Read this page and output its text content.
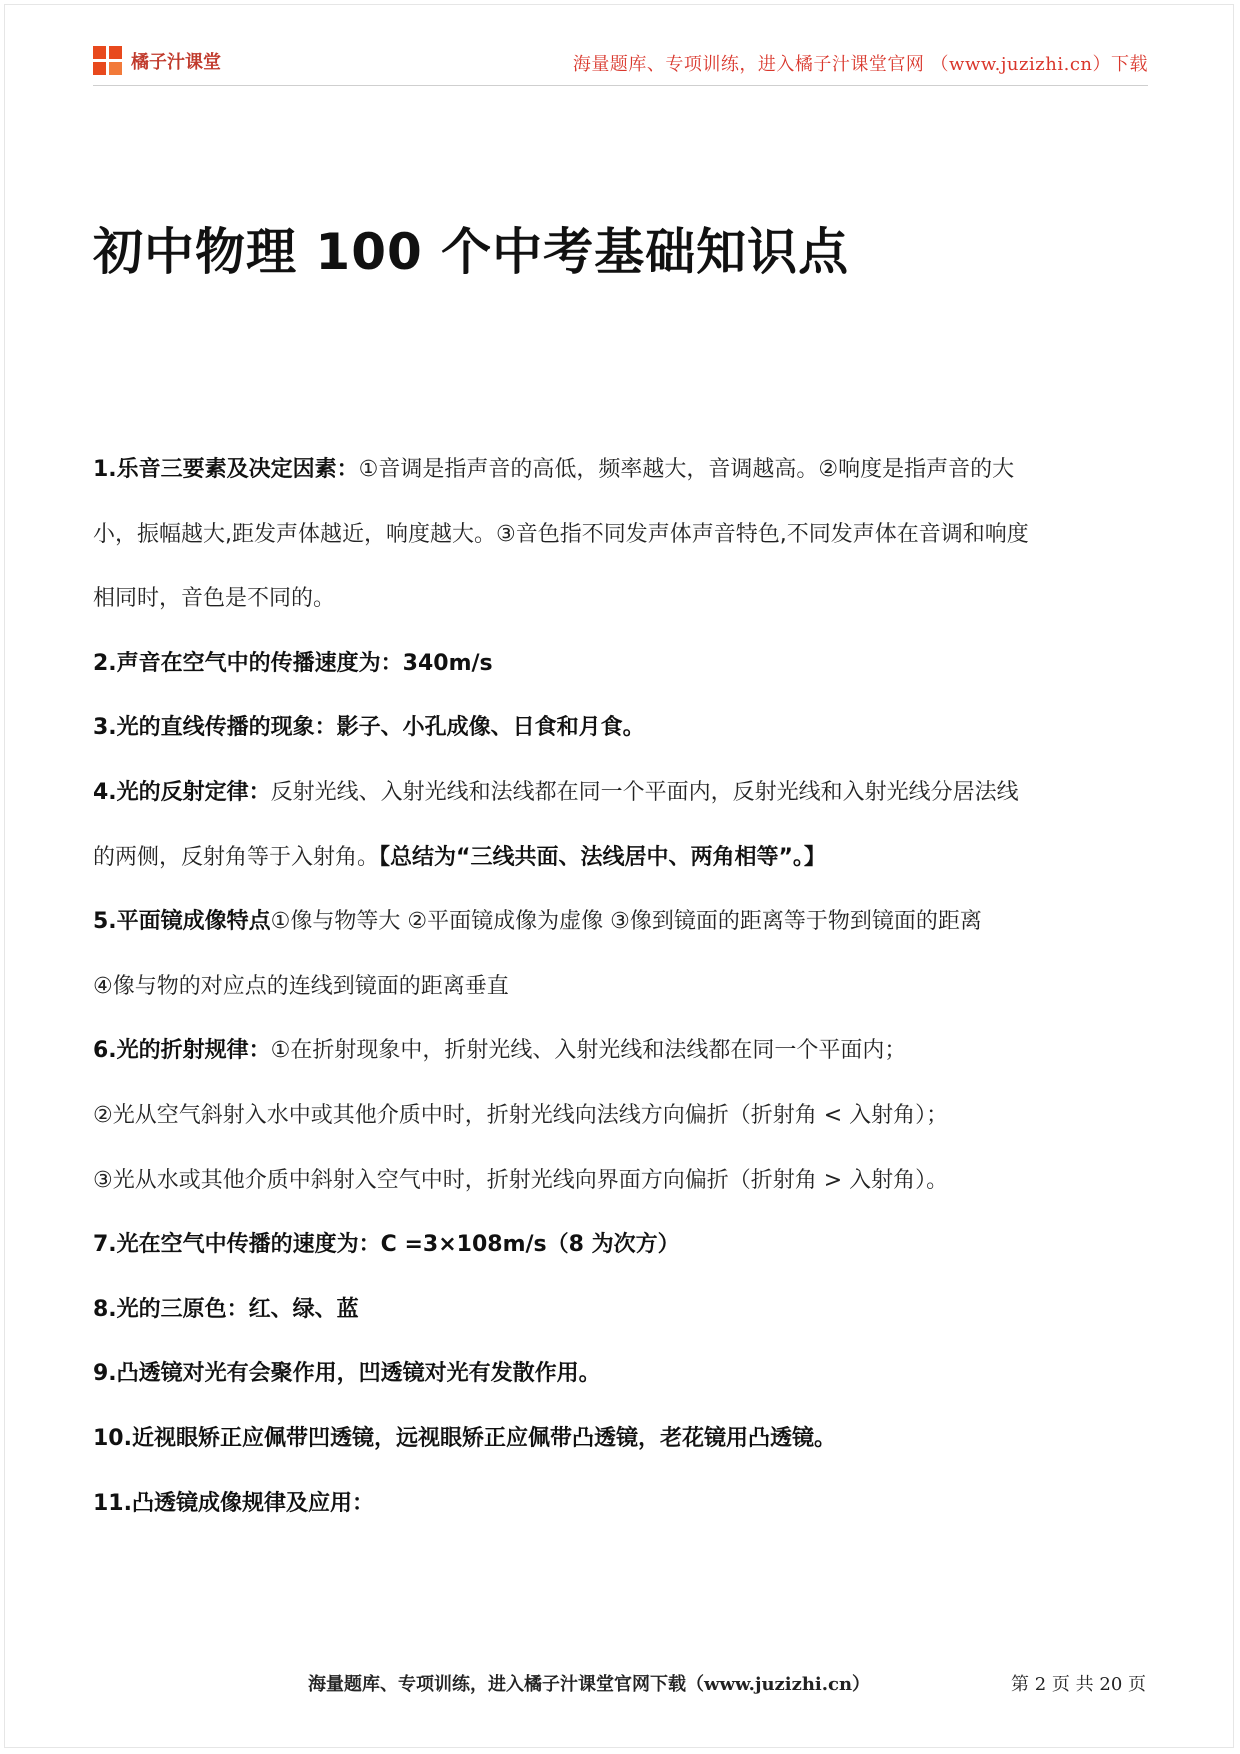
橘子汁课堂	海量题库、专项训练，进入橘子汁课堂官网 （www.juzizhi.cn）下载
初中物理 100 个中考基础知识点
1.乐音三要素及决定因素：①音调是指声音的高低，频率越大，音调越高。②响度是指声音的大
小，振幅越大,距发声体越近，响度越大。③音色指不同发声体声音特色,不同发声体在音调和响度
相同时，音色是不同的。
2.声音在空气中的传播速度为：340m/s
3.光的直线传播的现象：影子、小孔成像、日食和月食。
4.光的反射定律：反射光线、入射光线和法线都在同一个平面内，反射光线和入射光线分居法线
的两侧，反射角等于入射角。【总结为“三线共面、法线居中、两角相等”。】
5.平面镜成像特点①像与物等大 ②平面镜成像为虚像 ③像到镜面的距离等于物到镜面的距离
④像与物的对应点的连线到镜面的距离垂直
6.光的折射规律：①在折射现象中，折射光线、入射光线和法线都在同一个平面内；
②光从空气斜射入水中或其他介质中时，折射光线向法线方向偏折（折射角 < 入射角）；
③光从水或其他介质中斜射入空气中时，折射光线向界面方向偏折（折射角 > 入射角）。
7.光在空气中传播的速度为：C =3×108m/s（8 为次方）
8.光的三原色：红、绿、蓝
9.凸透镜对光有会聚作用，凹透镜对光有发散作用。
10.近视眼矫正应佩带凹透镜，远视眼矫正应佩带凸透镜，老花镜用凸透镜。
11.凸透镜成像规律及应用：
海量题库、专项训练，进入橘子汁课堂官网下载（www.juzizhi.cn）	第 2 页 共 20 页
